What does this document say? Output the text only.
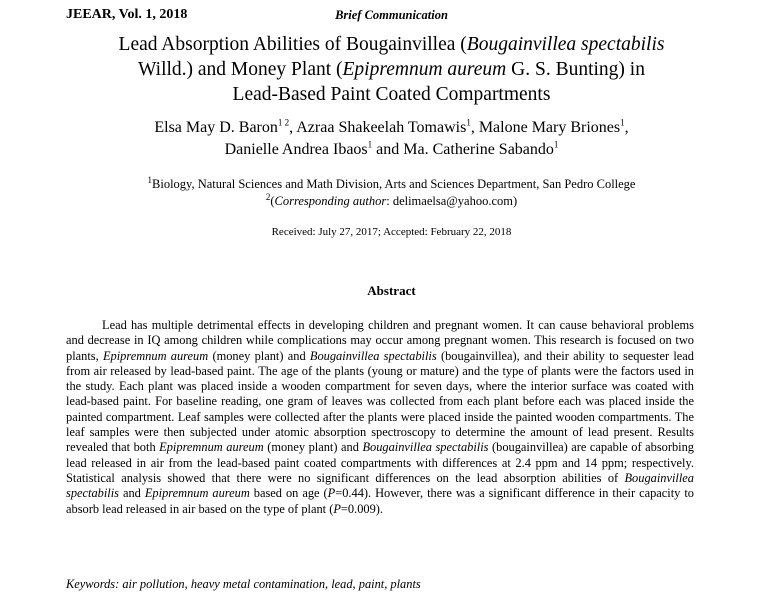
JEEAR, Vol. 1, 2018	Brief Communication
Lead Absorption Abilities of Bougainvillea (Bougainvillea spectabilis
Willd.) and Money Plant (Epipremnum aureum G. S. Bunting) in
Lead-Based Paint Coated Compartments
Elsa May D. Baron$^{1 2}$, Azraa Shakeelah Tomawis$^1$, Malone Mary Briones$^1$,
Danielle Andrea Ibaos$^1$ and Ma. Catherine Sabando$^1$
$^1$Biology, Natural Sciences and Math Division, Arts and Sciences Department, San Pedro College
$^2$(Corresponding author: delimaelsa@yahoo.com)
Received: July 27, 2017; Accepted: February 22, 2018
Abstract
Lead has multiple detrimental effects in developing children and pregnant women. It can cause behavioral problems and decrease in IQ among children while complications may occur among pregnant women. This research is focused on two plants, Epipremnum aureum (money plant) and Bougainvillea spectabilis (bougainvillea), and their ability to sequester lead from air released by lead-based paint. The age of the plants (young or mature) and the type of plants were the factors used in the study. Each plant was placed inside a wooden compartment for seven days, where the interior surface was coated with lead-based paint. For baseline reading, one gram of leaves was collected from each plant before each was placed inside the painted compartment. Leaf samples were collected after the plants were placed inside the painted wooden compartments. The leaf samples were then subjected under atomic absorption spectroscopy to determine the amount of lead present. Results revealed that both Epipremnum aureum (money plant) and Bougainvillea spectabilis (bougainvillea) are capable of absorbing lead released in air from the lead-based paint coated compartments with differences at 2.4 ppm and 14 ppm; respectively. Statistical analysis showed that there were no significant differences on the lead absorption abilities of Bougainvillea spectabilis and Epipremnum aureum based on age (P=0.44). However, there was a significant difference in their capacity to absorb lead released in air based on the type of plant (P=0.009).
Keywords: air pollution, heavy metal contamination, lead, paint, plants
